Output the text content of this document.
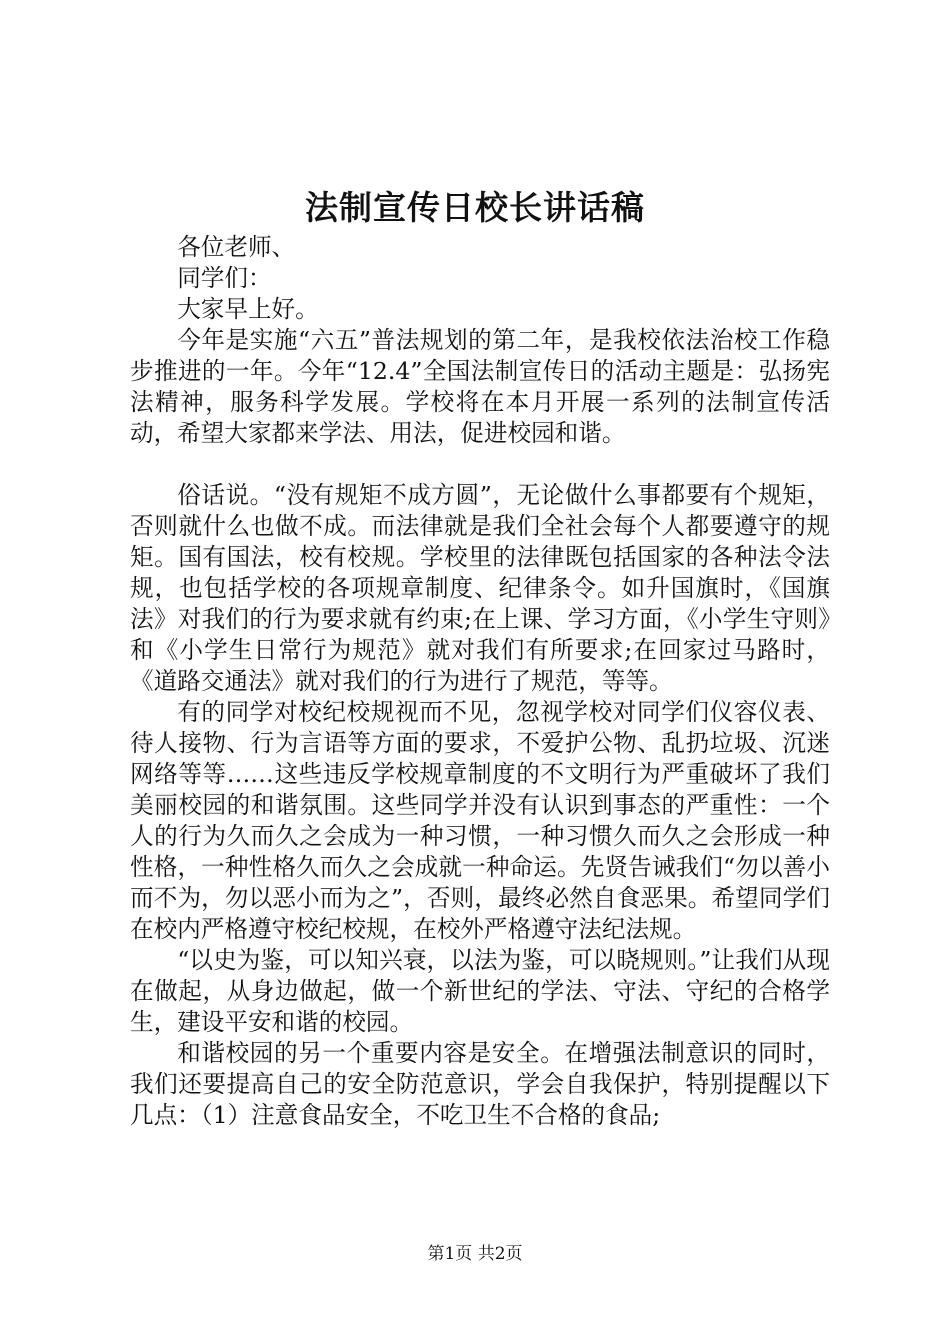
法制宣传日校长讲话稿

各位老师、

同学们：

大家早上好。

今年是实施“六五”普法规划的第二年，是我校依法治校工作稳步推进的一年。今年“12.4”全国法制宣传日的活动主题是：弘扬宪法精神，服务科学发展。学校将在本月开展一系列的法制宣传活动，希望大家都来学法、用法，促进校园和谐。

俗话说。“没有规矩不成方圆”，无论做什么事都要有个规矩，否则就什么也做不成。而法律就是我们全社会每个人都要遵守的规矩。国有国法，校有校规。学校里的法律既包括国家的各种法令法规，也包括学校的各项规章制度、纪律条令。如升国旗时，《国旗法》对我们的行为要求就有约束;在上课、学习方面，《小学生守则》和《小学生日常行为规范》就对我们有所要求;在回家过马路时，《道路交通法》就对我们的行为进行了规范，等等。

有的同学对校纪校规视而不见，忽视学校对同学们仪容仪表、待人接物、行为言语等方面的要求，不爱护公物、乱扔垃圾、沉迷网络等等……这些违反学校规章制度的不文明行为严重破坏了我们美丽校园的和谐氛围。这些同学并没有认识到事态的严重性：一个人的行为久而久之会成为一种习惯，一种习惯久而久之会形成一种性格，一种性格久而久之会成就一种命运。先贤告诫我们“勿以善小而不为，勿以恶小而为之”，否则，最终必然自食恶果。希望同学们在校内严格遵守校纪校规，在校外严格遵守法纪法规。

“以史为鉴，可以知兴衰，以法为鉴，可以晓规则。”让我们从现在做起，从身边做起，做一个新世纪的学法、守法、守纪的合格学生，建设平安和谐的校园。

和谐校园的另一个重要内容是安全。在增强法制意识的同时，我们还要提高自己的安全防范意识，学会自我保护，特别提醒以下几点：（1）注意食品安全，不吃卫生不合格的食品;

第1页 共2页
